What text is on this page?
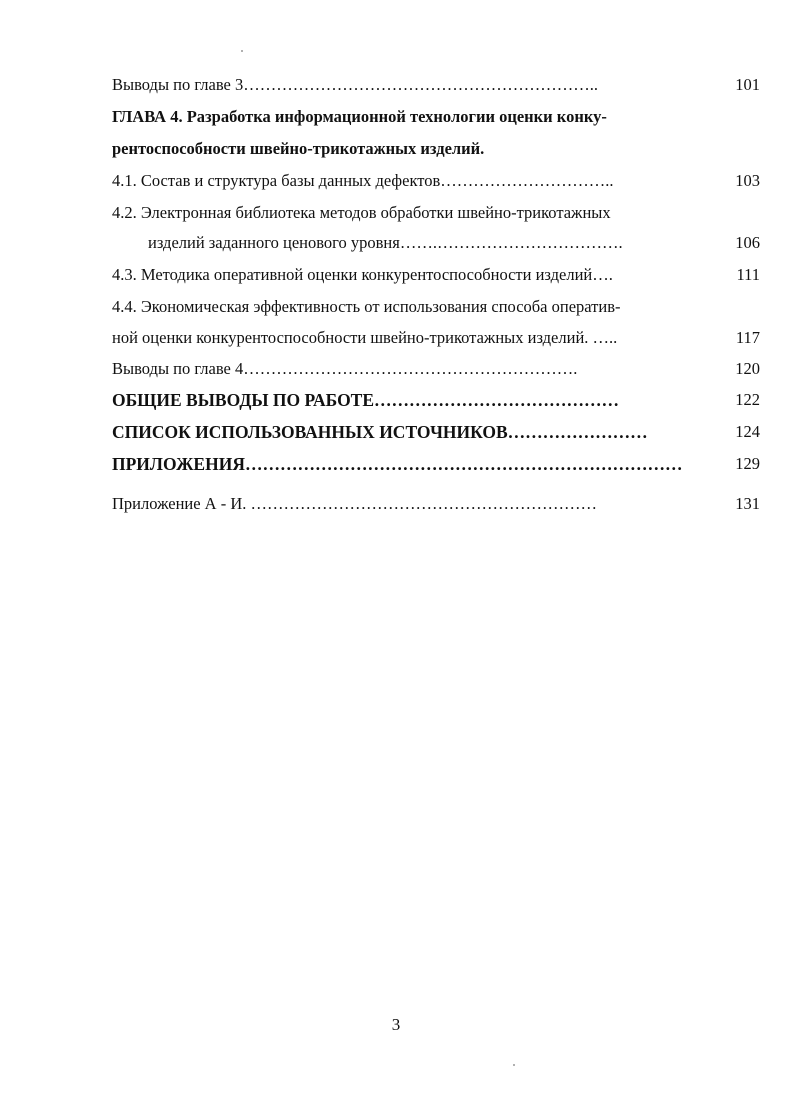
Выводы по главе 3………………………………………………………..	101
ГЛАВА 4. Разработка информационной технологии оценки конку-
рентоспособности швейно-трикотажных изделий.
4.1. Состав и структура базы данных дефектов…………………………..	103
4.2. Электронная библиотека методов обработки швейно-трикотажных
изделий заданного ценового уровня…….…………………………….	106
4.3. Методика оперативной оценки конкурентоспособности изделий….	111
4.4. Экономическая эффективность от использования способа оператив-
ной оценки конкурентоспособности швейно-трикотажных изделий. …..	117
Выводы по главе 4…………………………………………………….	120
ОБЩИЕ ВЫВОДЫ ПО РАБОТЕ……………………………………	122
СПИСОК ИСПОЛЬЗОВАННЫХ ИСТОЧНИКОВ……………………	124
ПРИЛОЖЕНИЯ…………………………………………………………………	129
Приложение А - И. ………………………………………………………	131
3
